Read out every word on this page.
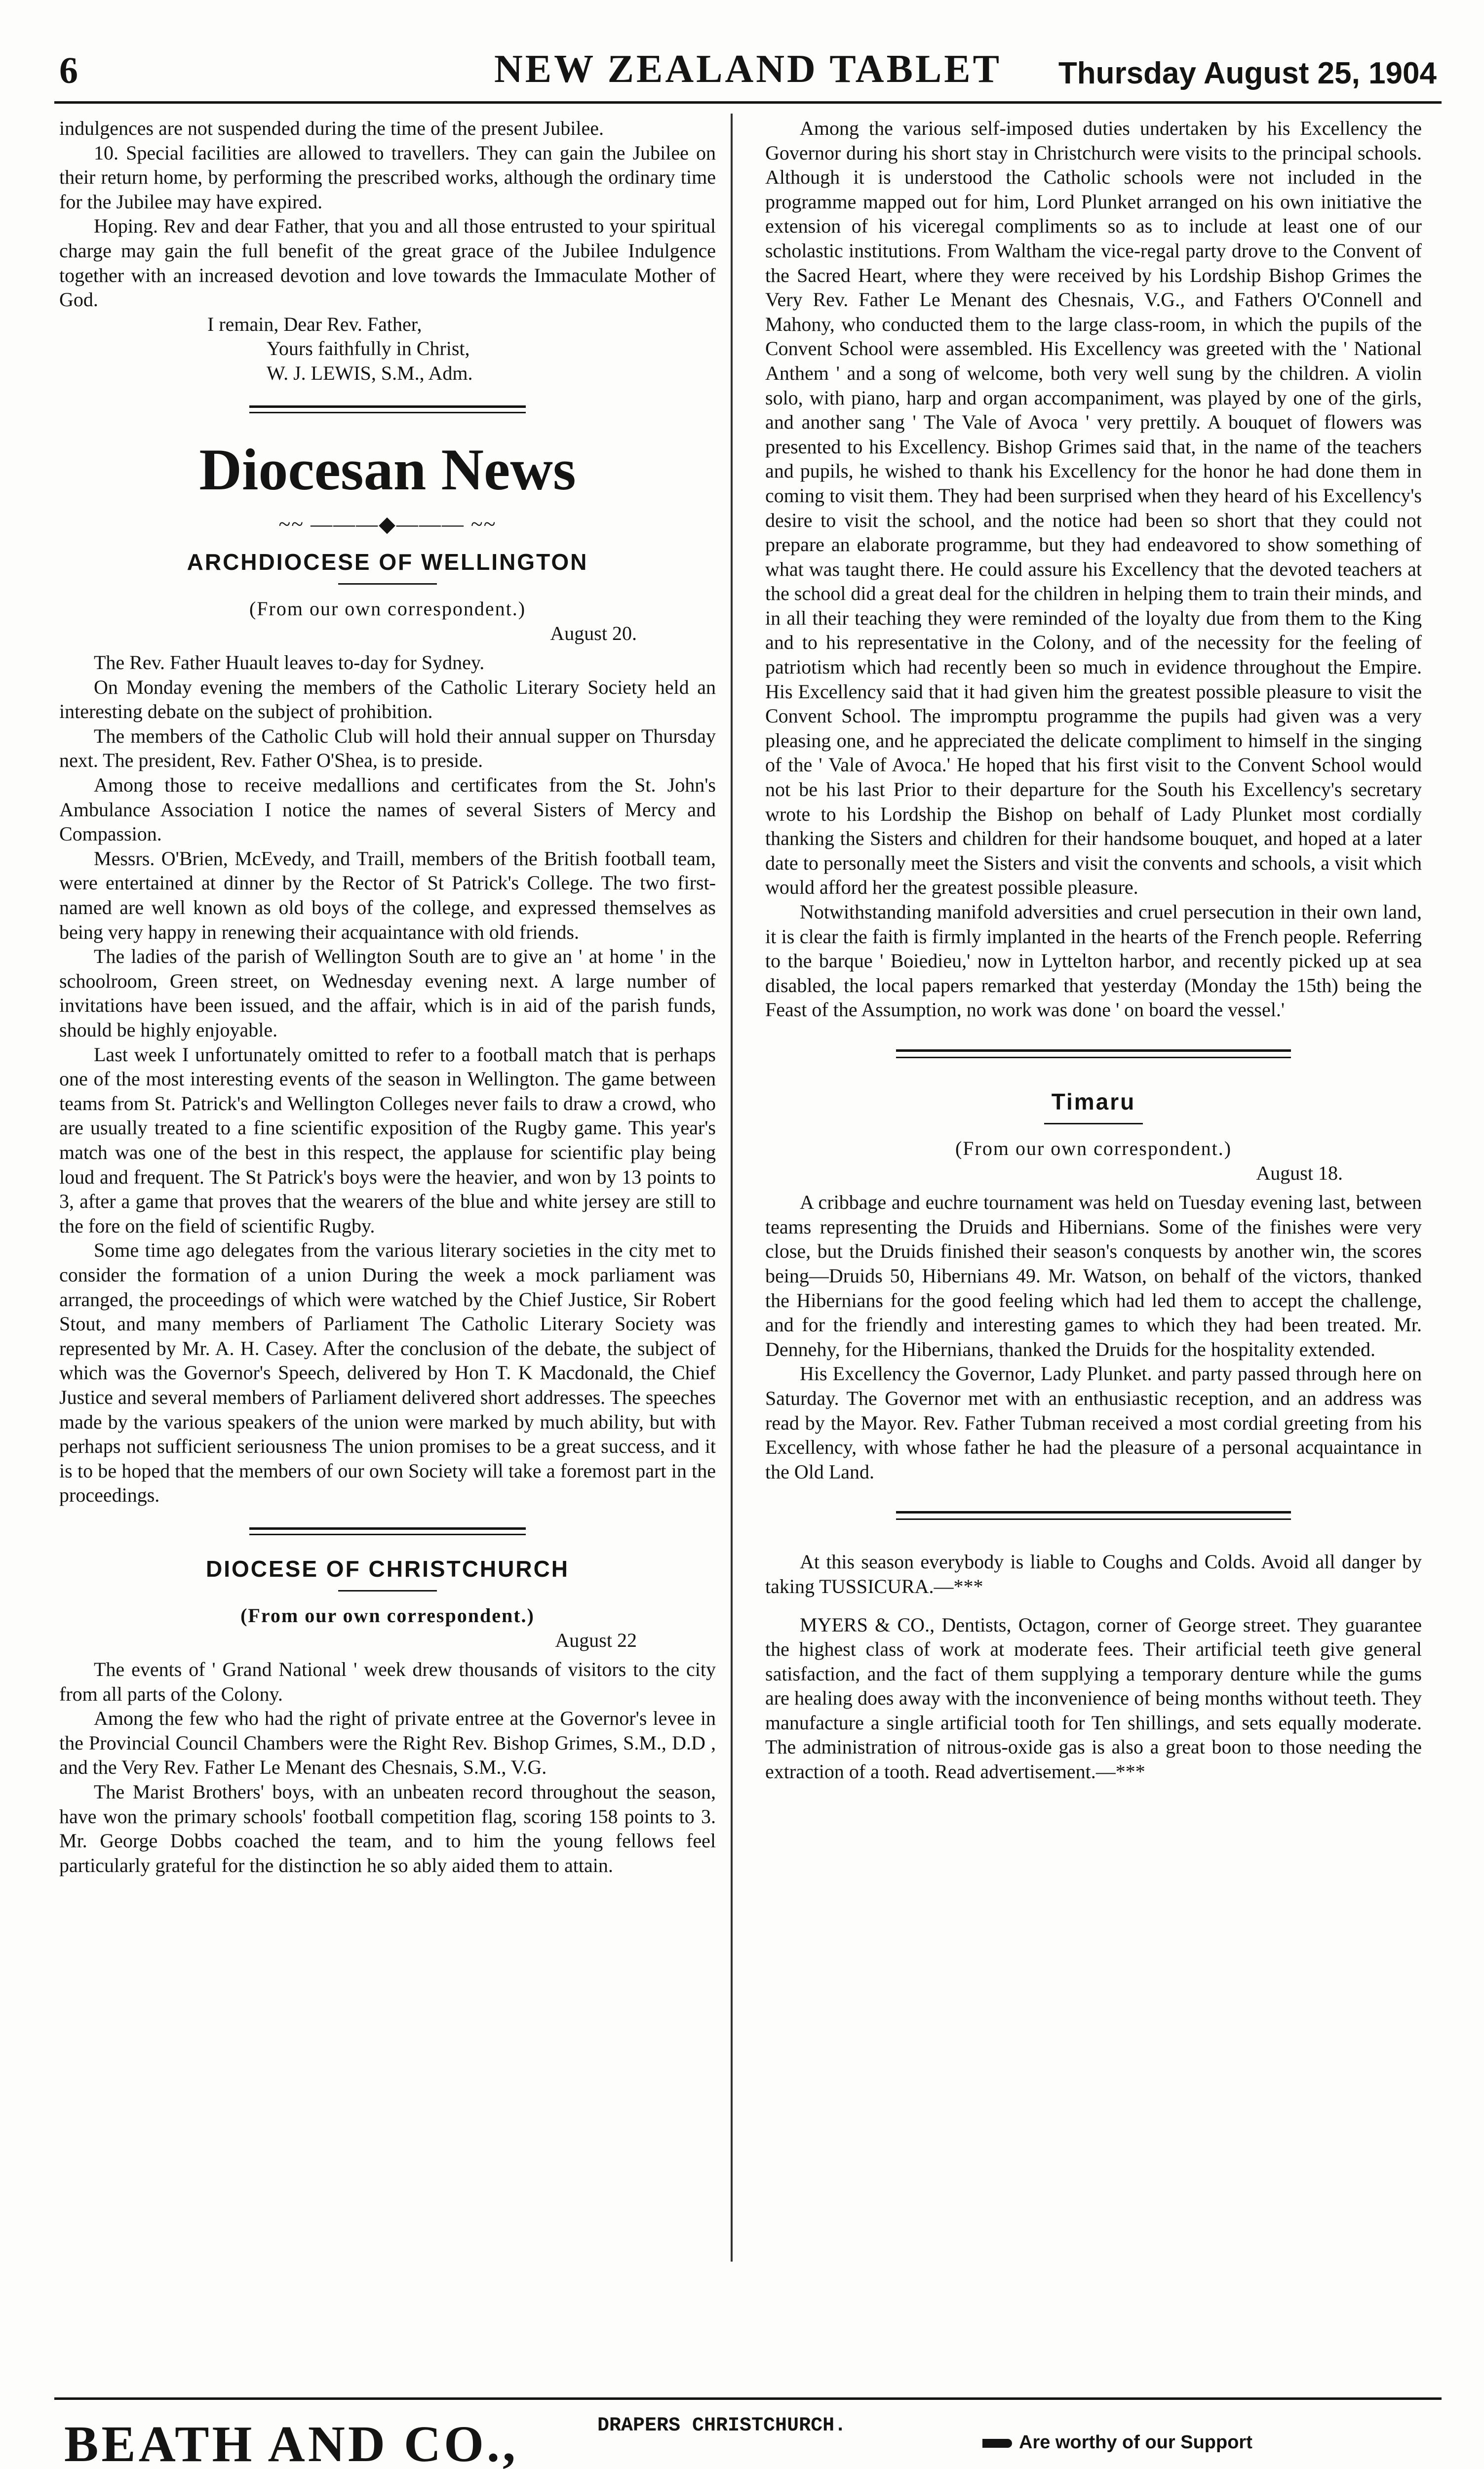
6	NEW ZEALAND TABLET	Thursday August 25, 1904

indulgences are not suspended during the time of the present Jubilee.

10. Special facilities are allowed to travellers. They can gain the Jubilee on their return home, by performing the prescribed works, although the ordinary time for the Jubilee may have expired.

Hoping. Rev and dear Father, that you and all those entrusted to your spiritual charge may gain the full benefit of the great grace of the Jubilee Indulgence together with an increased devotion and love towards the Immaculate Mother of God.

I remain, Dear Rev. Father,
Yours faithfully in Christ,
W. J. LEWIS, S.M., Adm.
Diocesan News
~~ ———◆——— ~~
ARCHDIOCESE OF WELLINGTON
(From our own correspondent.)
August 20.

The Rev. Father Huault leaves to-day for Sydney.

On Monday evening the members of the Catholic Literary Society held an interesting debate on the subject of prohibition.

The members of the Catholic Club will hold their annual supper on Thursday next. The president, Rev. Father O'Shea, is to preside.

Among those to receive medallions and certificates from the St. John's Ambulance Association I notice the names of several Sisters of Mercy and Compassion.

Messrs. O'Brien, McEvedy, and Traill, members of the British football team, were entertained at dinner by the Rector of St Patrick's College. The two first-named are well known as old boys of the college, and expressed themselves as being very happy in renewing their acquaintance with old friends.

The ladies of the parish of Wellington South are to give an ' at home ' in the schoolroom, Green street, on Wednesday evening next. A large number of invitations have been issued, and the affair, which is in aid of the parish funds, should be highly enjoyable.

Last week I unfortunately omitted to refer to a football match that is perhaps one of the most interesting events of the season in Wellington. The game between teams from St. Patrick's and Wellington Colleges never fails to draw a crowd, who are usually treated to a fine scientific exposition of the Rugby game. This year's match was one of the best in this respect, the applause for scientific play being loud and frequent. The St Patrick's boys were the heavier, and won by 13 points to 3, after a game that proves that the wearers of the blue and white jersey are still to the fore on the field of scientific Rugby.

Some time ago delegates from the various literary societies in the city met to consider the formation of a union During the week a mock parliament was arranged, the proceedings of which were watched by the Chief Justice, Sir Robert Stout, and many members of Parliament The Catholic Literary Society was represented by Mr. A. H. Casey. After the conclusion of the debate, the subject of which was the Governor's Speech, delivered by Hon T. K Macdonald, the Chief Justice and several members of Parliament delivered short addresses. The speeches made by the various speakers of the union were marked by much ability, but with perhaps not sufficient seriousness The union promises to be a great success, and it is to be hoped that the members of our own Society will take a foremost part in the proceedings.

DIOCESE OF CHRISTCHURCH
(From our own correspondent.)
August 22

The events of ' Grand National ' week drew thousands of visitors to the city from all parts of the Colony.

Among the few who had the right of private entree at the Governor's levee in the Provincial Council Chambers were the Right Rev. Bishop Grimes, S.M., D.D , and the Very Rev. Father Le Menant des Chesnais, S.M., V.G.

The Marist Brothers' boys, with an unbeaten record throughout the season, have won the primary schools' football competition flag, scoring 158 points to 3. Mr. George Dobbs coached the team, and to him the young fellows feel particularly grateful for the distinction he so ably aided them to attain.

Among the various self-imposed duties undertaken by his Excellency the Governor during his short stay in Christchurch were visits to the principal schools. Although it is understood the Catholic schools were not included in the programme mapped out for him, Lord Plunket arranged on his own initiative the extension of his viceregal compliments so as to include at least one of our scholastic institutions. From Waltham the vice-regal party drove to the Convent of the Sacred Heart, where they were received by his Lordship Bishop Grimes the Very Rev. Father Le Menant des Chesnais, V.G., and Fathers O'Connell and Mahony, who conducted them to the large class-room, in which the pupils of the Convent School were assembled. His Excellency was greeted with the ' National Anthem ' and a song of welcome, both very well sung by the children. A violin solo, with piano, harp and organ accompaniment, was played by one of the girls, and another sang ' The Vale of Avoca ' very prettily. A bouquet of flowers was presented to his Excellency. Bishop Grimes said that, in the name of the teachers and pupils, he wished to thank his Excellency for the honor he had done them in coming to visit them. They had been surprised when they heard of his Excellency's desire to visit the school, and the notice had been so short that they could not prepare an elaborate programme, but they had endeavored to show something of what was taught there. He could assure his Excellency that the devoted teachers at the school did a great deal for the children in helping them to train their minds, and in all their teaching they were reminded of the loyalty due from them to the King and to his representative in the Colony, and of the necessity for the feeling of patriotism which had recently been so much in evidence throughout the Empire. His Excellency said that it had given him the greatest possible pleasure to visit the Convent School. The impromptu programme the pupils had given was a very pleasing one, and he appreciated the delicate compliment to himself in the singing of the ' Vale of Avoca.' He hoped that his first visit to the Convent School would not be his last Prior to their departure for the South his Excellency's secretary wrote to his Lordship the Bishop on behalf of Lady Plunket most cordially thanking the Sisters and children for their handsome bouquet, and hoped at a later date to personally meet the Sisters and visit the convents and schools, a visit which would afford her the greatest possible pleasure.

Notwithstanding manifold adversities and cruel persecution in their own land, it is clear the faith is firmly implanted in the hearts of the French people. Referring to the barque ' Boiedieu,' now in Lyttelton harbor, and recently picked up at sea disabled, the local papers remarked that yesterday (Monday the 15th) being the Feast of the Assumption, no work was done ' on board the vessel.'

Timaru
(From our own correspondent.)
August 18.

A cribbage and euchre tournament was held on Tuesday evening last, between teams representing the Druids and Hibernians. Some of the finishes were very close, but the Druids finished their season's conquests by another win, the scores being—Druids 50, Hibernians 49. Mr. Watson, on behalf of the victors, thanked the Hibernians for the good feeling which had led them to accept the challenge, and for the friendly and interesting games to which they had been treated. Mr. Dennehy, for the Hibernians, thanked the Druids for the hospitality extended.

His Excellency the Governor, Lady Plunket. and party passed through here on Saturday. The Governor met with an enthusiastic reception, and an address was read by the Mayor. Rev. Father Tubman received a most cordial greeting from his Excellency, with whose father he had the pleasure of a personal acquaintance in the Old Land.

At this season everybody is liable to Coughs and Colds. Avoid all danger by taking TUSSICURA.—***

MYERS & CO., Dentists, Octagon, corner of George street. They guarantee the highest class of work at moderate fees. Their artificial teeth give general satisfaction, and the fact of them supplying a temporary denture while the gums are healing does away with the inconvenience of being months without teeth. They manufacture a single artificial tooth for Ten shillings, and sets equally moderate. The administration of nitrous-oxide gas is also a great boon to those needing the extraction of a tooth. Read advertisement.—***

BEATH AND CO.,	DRAPERS CHRISTCHURCH.
Are worthy of our Support
